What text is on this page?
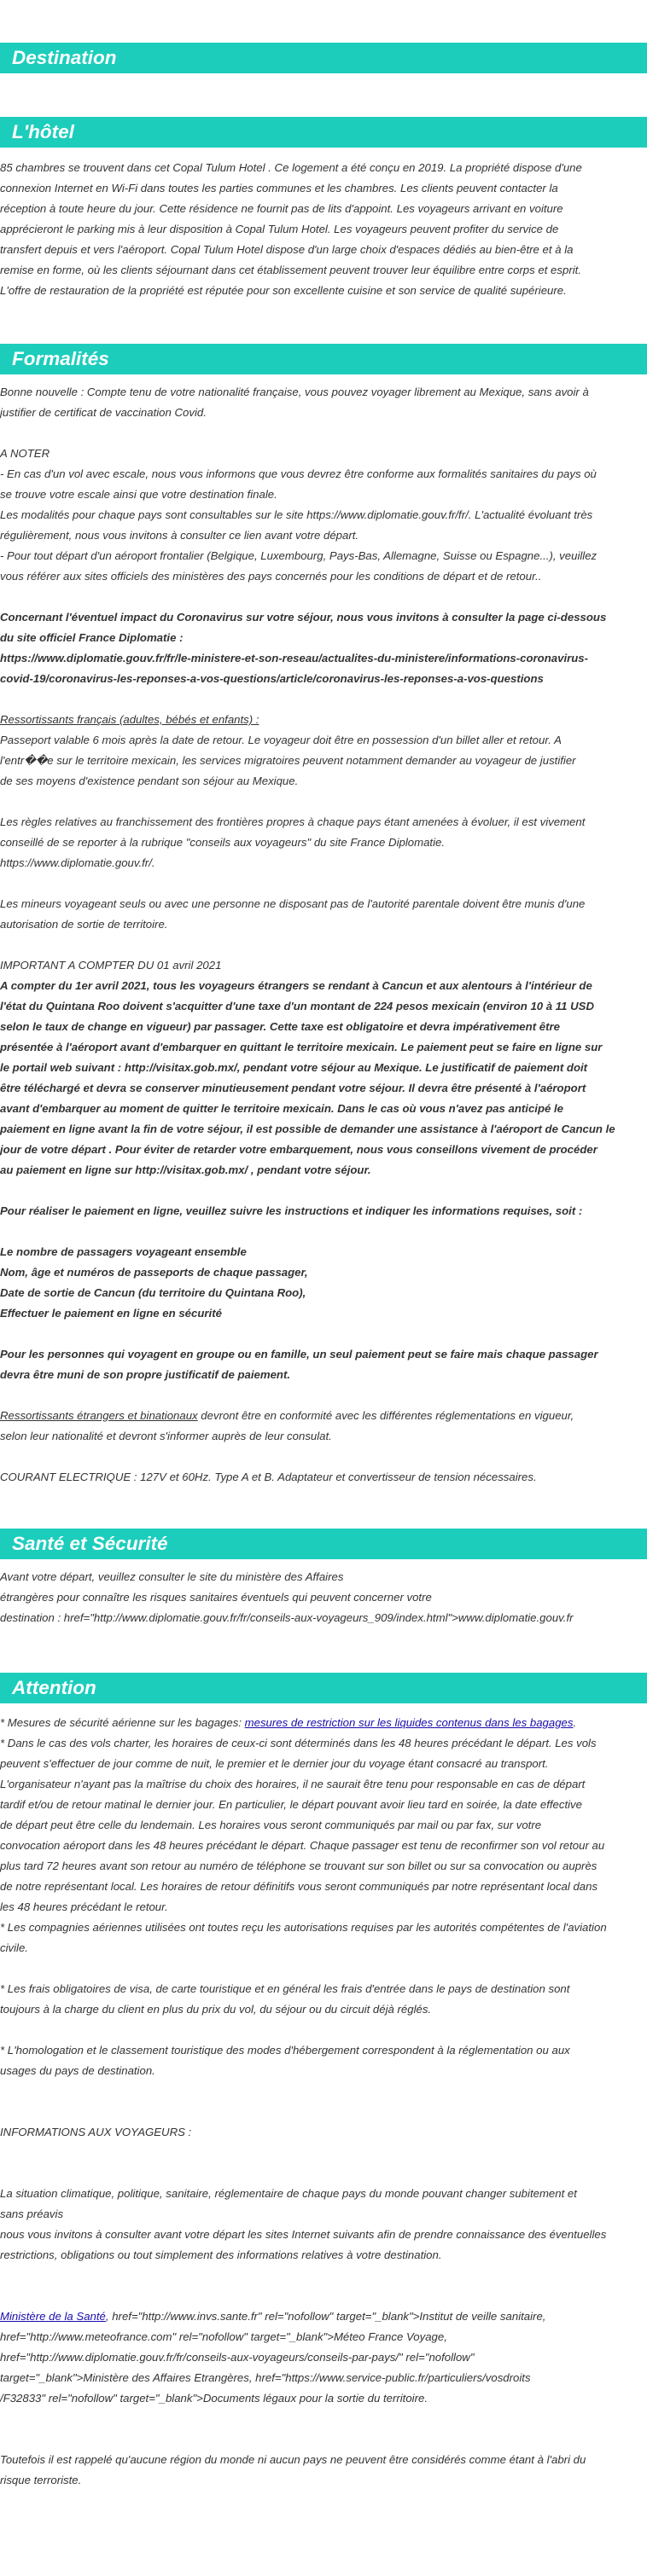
Destination
L'hôtel

85 chambres se trouvent dans cet Copal Tulum Hotel . Ce logement a été conçu en 2019. La propriété dispose d'une
connexion Internet en Wi-Fi dans toutes les parties communes et les chambres. Les clients peuvent contacter la
réception à toute heure du jour. Cette résidence ne fournit pas de lits d'appoint. Les voyageurs arrivant en voiture
apprécieront le parking mis à leur disposition à Copal Tulum Hotel. Les voyageurs peuvent profiter du service de
transfert depuis et vers l'aéroport. Copal Tulum Hotel dispose d'un large choix d'espaces dédiés au bien-être et à la
remise en forme, où les clients séjournant dans cet établissement peuvent trouver leur équilibre entre corps et esprit.
L'offre de restauration de la propriété est réputée pour son excellente cuisine et son service de qualité supérieure.

Formalités

Bonne nouvelle : Compte tenu de votre nationalité française, vous pouvez voyager librement au Mexique, sans avoir à
justifier de certificat de vaccination Covid.

A NOTER
- En cas d'un vol avec escale, nous vous informons que vous devrez être conforme aux formalités sanitaires du pays où
se trouve votre escale ainsi que votre destination finale.
Les modalités pour chaque pays sont consultables sur le site https://www.diplomatie.gouv.fr/fr/. L'actualité évoluant très
régulièrement, nous vous invitons à consulter ce lien avant votre départ.
- Pour tout départ d'un aéroport frontalier (Belgique, Luxembourg, Pays-Bas, Allemagne, Suisse ou Espagne...), veuillez
vous référer aux sites officiels des ministères des pays concernés pour les conditions de départ et de retour..

Concernant l'éventuel impact du Coronavirus sur votre séjour, nous vous invitons à consulter la page ci-dessous
du site officiel France Diplomatie :
https://www.diplomatie.gouv.fr/fr/le-ministere-et-son-reseau/actualites-du-ministere/informations-coronavirus-
covid-19/coronavirus-les-reponses-a-vos-questions/article/coronavirus-les-reponses-a-vos-questions

Ressortissants français (adultes, bébés et enfants) :
Passeport valable 6 mois après la date de retour. Le voyageur doit être en possession d'un billet aller et retour. A
l'entr��e sur le territoire mexicain, les services migratoires peuvent notamment demander au voyageur de justifier
de ses moyens d'existence pendant son séjour au Mexique.

Les règles relatives au franchissement des frontières propres à chaque pays étant amenées à évoluer, il est vivement
conseillé de se reporter à la rubrique "conseils aux voyageurs" du site France Diplomatie.
https://www.diplomatie.gouv.fr/.

Les mineurs voyageant seuls ou avec une personne ne disposant pas de l'autorité parentale doivent être munis d'une
autorisation de sortie de territoire.

IMPORTANT A COMPTER DU 01 avril 2021

A compter du 1er avril 2021, tous les voyageurs étrangers se rendant à Cancun et aux alentours à l'intérieur de
l'état du Quintana Roo doivent s'acquitter d'une taxe d'un montant de 224 pesos mexicain (environ 10 à 11 USD
selon le taux de change en vigueur) par passager. Cette taxe est obligatoire et devra impérativement être
présentée à l'aéroport avant d'embarquer en quittant le territoire mexicain. Le paiement peut se faire en ligne sur
le portail web suivant : http://visitax.gob.mx/, pendant votre séjour au Mexique. Le justificatif de paiement doit
être téléchargé et devra se conserver minutieusement pendant votre séjour. Il devra être présenté à l'aéroport
avant d'embarquer au moment de quitter le territoire mexicain. Dans le cas où vous n'avez pas anticipé le
paiement en ligne avant la fin de votre séjour, il est possible de demander une assistance à l'aéroport de Cancun le
jour de votre départ . Pour éviter de retarder votre embarquement, nous vous conseillons vivement de procéder
au paiement en ligne sur http://visitax.gob.mx/ , pendant votre séjour.

Pour réaliser le paiement en ligne, veuillez suivre les instructions et indiquer les informations requises, soit :

Le nombre de passagers voyageant ensemble
Nom, âge et numéros de passeports de chaque passager,
Date de sortie de Cancun (du territoire du Quintana Roo),
Effectuer le paiement en ligne en sécurité

Pour les personnes qui voyagent en groupe ou en famille, un seul paiement peut se faire mais chaque passager
devra être muni de son propre justificatif de paiement.

Ressortissants étrangers et binationaux devront être en conformité avec les différentes réglementations en vigueur,
selon leur nationalité et devront s'informer auprès de leur consulat.

COURANT ELECTRIQUE : 127V et 60Hz. Type A et B. Adaptateur et convertisseur de tension nécessaires.

Santé et Sécurité

Avant votre départ, veuillez consulter le site du ministère des Affaires
étrangères pour connaître les risques sanitaires éventuels qui peuvent concerner votre
destination : href="http://www.diplomatie.gouv.fr/fr/conseils-aux-voyageurs_909/index.html">www.diplomatie.gouv.fr

Attention

* Mesures de sécurité aérienne sur les bagages: mesures de restriction sur les liquides contenus dans les bagages.

* Dans le cas des vols charter, les horaires de ceux-ci sont déterminés dans les 48 heures précédant le départ. Les vols
peuvent s'effectuer de jour comme de nuit, le premier et le dernier jour du voyage étant consacré au transport.
L'organisateur n'ayant pas la maîtrise du choix des horaires, il ne saurait être tenu pour responsable en cas de départ
tardif et/ou de retour matinal le dernier jour. En particulier, le départ pouvant avoir lieu tard en soirée, la date effective
de départ peut être celle du lendemain. Les horaires vous seront communiqués par mail ou par fax, sur votre
convocation aéroport dans les 48 heures précédant le départ. Chaque passager est tenu de reconfirmer son vol retour au
plus tard 72 heures avant son retour au numéro de téléphone se trouvant sur son billet ou sur sa convocation ou auprès
de notre représentant local. Les horaires de retour définitifs vous seront communiqués par notre représentant local dans
les 48 heures précédant le retour.
* Les compagnies aériennes utilisées ont toutes reçu les autorisations requises par les autorités compétentes de l'aviation
civile.

* Les frais obligatoires de visa, de carte touristique et en général les frais d'entrée dans le pays de destination sont
toujours à la charge du client en plus du prix du vol, du séjour ou du circuit déjà réglés.

* L'homologation et le classement touristique des modes d'hébergement correspondent à la réglementation ou aux
usages du pays de destination.

INFORMATIONS AUX VOYAGEURS :

La situation climatique, politique, sanitaire, réglementaire de chaque pays du monde pouvant changer subitement et
sans préavis
nous vous invitons à consulter avant votre départ les sites Internet suivants afin de prendre connaissance des éventuelles
restrictions, obligations ou tout simplement des informations relatives à votre destination.

Ministère de la Santé, href="http://www.invs.sante.fr" rel="nofollow" target="_blank">Institut de veille sanitaire,
href="http://www.meteofrance.com" rel="nofollow" target="_blank">Méteo France Voyage,
href="http://www.diplomatie.gouv.fr/fr/conseils-aux-voyageurs/conseils-par-pays/" rel="nofollow"
target="_blank">Ministère des Affaires Etrangères, href="https://www.service-public.fr/particuliers/vosdroits
/F32833" rel="nofollow" target="_blank">Documents légaux pour la sortie du territoire.

Toutefois il est rappelé qu'aucune région du monde ni aucun pays ne peuvent être considérés comme étant à l'abri du
risque terroriste.
